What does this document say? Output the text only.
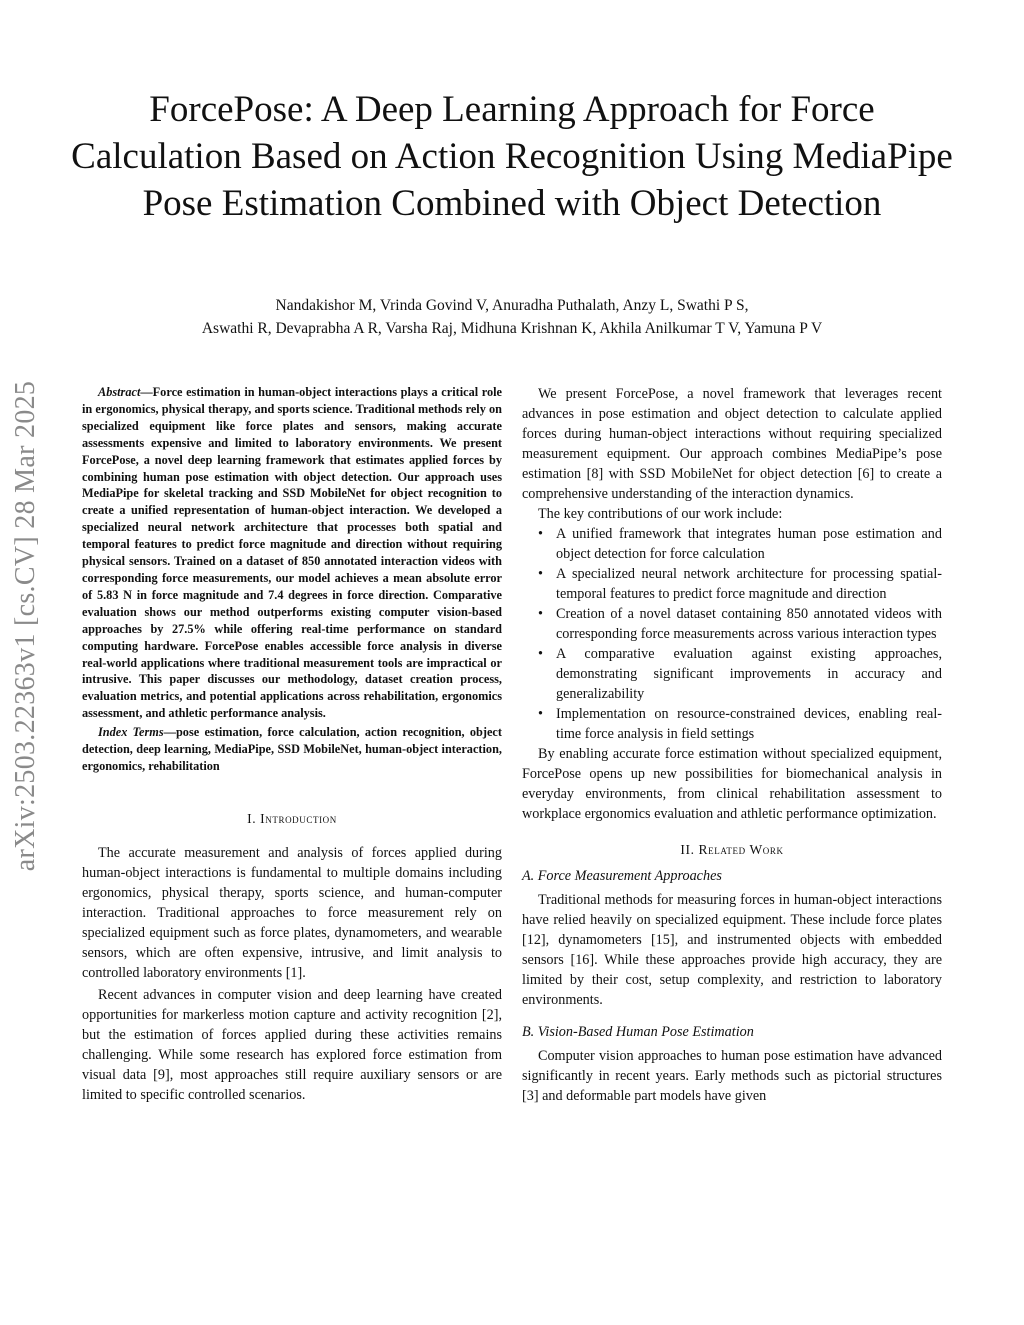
arXiv:2503.22363v1 [cs.CV] 28 Mar 2025
ForcePose: A Deep Learning Approach for Force Calculation Based on Action Recognition Using MediaPipe Pose Estimation Combined with Object Detection
Nandakishor M, Vrinda Govind V, Anuradha Puthalath, Anzy L, Swathi P S,
Aswathi R, Devaprabha A R, Varsha Raj, Midhuna Krishnan K, Akhila Anilkumar T V, Yamuna P V

Abstract—Force estimation in human-object interactions plays a critical role in ergonomics, physical therapy, and sports science. Traditional methods rely on specialized equipment like force plates and sensors, making accurate assessments expensive and limited to laboratory environments. We present ForcePose, a novel deep learning framework that estimates applied forces by combining human pose estimation with object detection. Our approach uses MediaPipe for skeletal tracking and SSD MobileNet for object recognition to create a unified representation of human-object interaction. We developed a specialized neural network architecture that processes both spatial and temporal features to predict force magnitude and direction without requiring physical sensors. Trained on a dataset of 850 annotated interaction videos with corresponding force measurements, our model achieves a mean absolute error of 5.83 N in force magnitude and 7.4 degrees in force direction. Comparative evaluation shows our method outperforms existing computer vision-based approaches by 27.5% while offering real-time performance on standard computing hardware. ForcePose enables accessible force analysis in diverse real-world applications where traditional measurement tools are impractical or intrusive. This paper discusses our methodology, dataset creation process, evaluation metrics, and potential applications across rehabilitation, ergonomics assessment, and athletic performance analysis.

Index Terms—pose estimation, force calculation, action recognition, object detection, deep learning, MediaPipe, SSD MobileNet, human-object interaction, ergonomics, rehabilitation

I. Introduction

The accurate measurement and analysis of forces applied during human-object interactions is fundamental to multiple domains including ergonomics, physical therapy, sports science, and human-computer interaction. Traditional approaches to force measurement rely on specialized equipment such as force plates, dynamometers, and wearable sensors, which are often expensive, intrusive, and limit analysis to controlled laboratory environments [1].

Recent advances in computer vision and deep learning have created opportunities for markerless motion capture and activity recognition [2], but the estimation of forces applied during these activities remains challenging. While some research has explored force estimation from visual data [9], most approaches still require auxiliary sensors or are limited to specific controlled scenarios.

We present ForcePose, a novel framework that leverages recent advances in pose estimation and object detection to calculate applied forces during human-object interactions without requiring specialized measurement equipment. Our approach combines MediaPipe’s pose estimation [8] with SSD MobileNet for object detection [6] to create a comprehensive understanding of the interaction dynamics.

The key contributions of our work include:

• A unified framework that integrates human pose estimation and object detection for force calculation
• A specialized neural network architecture for processing spatial-temporal features to predict force magnitude and direction
• Creation of a novel dataset containing 850 annotated videos with corresponding force measurements across various interaction types
• A comparative evaluation against existing approaches, demonstrating significant improvements in accuracy and generalizability
• Implementation on resource-constrained devices, enabling real-time force analysis in field settings

By enabling accurate force estimation without specialized equipment, ForcePose opens up new possibilities for biomechanical analysis in everyday environments, from clinical rehabilitation assessment to workplace ergonomics evaluation and athletic performance optimization.

II. Related Work

A. Force Measurement Approaches

Traditional methods for measuring forces in human-object interactions have relied heavily on specialized equipment. These include force plates [12], dynamometers [15], and instrumented objects with embedded sensors [16]. While these approaches provide high accuracy, they are limited by their cost, setup complexity, and restriction to laboratory environments.

B. Vision-Based Human Pose Estimation

Computer vision approaches to human pose estimation have advanced significantly in recent years. Early methods such as pictorial structures [3] and deformable part models have given
